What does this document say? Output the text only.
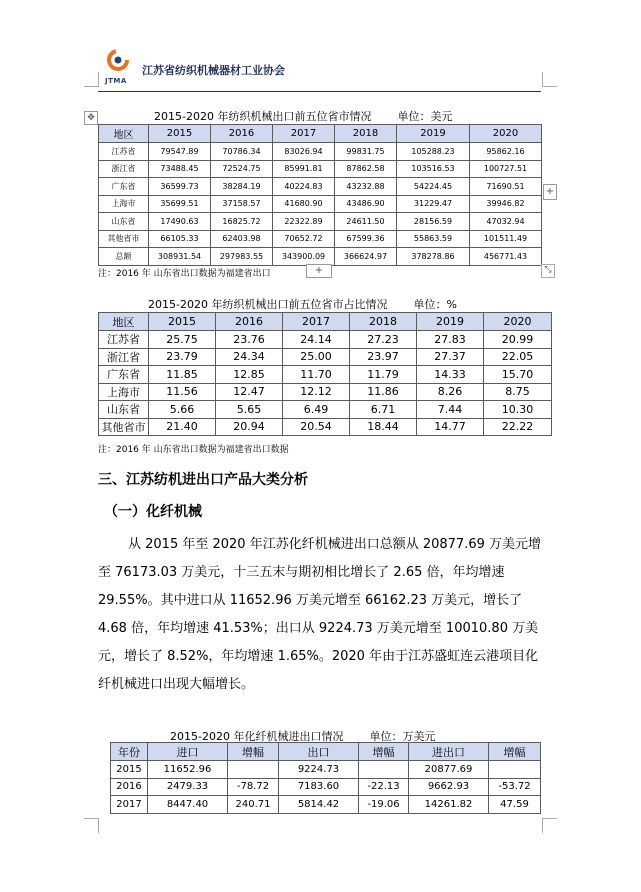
JTMA
江苏省纺织机械器材工业协会
✥	2015-2020 年纺织机械出口前五位省市情况 单位：美元
地区	2015	2016	2017	2018	2019	2020
江苏省	79547.89	70786.34	83026.94	99831.75	105288.23	95862.16
浙江省	73488.45	72524.75	85991.81	87862.58	103516.53	100727.51
广东省	36599.73	38284.19	40224.83	43232.88	54224.45	71690.51
上海市	35699.51	37158.57	41680.90	43486.90	31229.47	39946.82
山东省	17490.63	16825.72	22322.89	24611.50	28156.59	47032.94
其他省市	66105.33	62403.98	70652.72	67599.36	55863.59	101511.49
总额	308931.54	297983.55	343900.09	366624.97	378278.86	456771.43
+
注：2016 年 山东省出口数据为福建省出口	+	⤡
2015-2020 年纺织机械出口前五位省市占比情况 单位：%
地区	2015	2016	2017	2018	2019	2020
江苏省	25.75	23.76	24.14	27.23	27.83	20.99
浙江省	23.79	24.34	25.00	23.97	27.37	22.05
广东省	11.85	12.85	11.70	11.79	14.33	15.70
上海市	11.56	12.47	12.12	11.86	8.26	8.75
山东省	5.66	5.65	6.49	6.71	7.44	10.30
其他省市	21.40	20.94	20.54	18.44	14.77	22.22
注：2016 年 山东省出口数据为福建省出口数据
三、江苏纺机进出口产品大类分析
（一）化纤机械

从 2015 年至 2020 年江苏化纤机械进出口总额从 20877.69 万美元增至 76173.03 万美元，十三五末与期初相比增长了 2.65 倍，年均增速 29.55%。其中进口从 11652.96 万美元增至 66162.23 万美元，增长了 4.68 倍，年均增速 41.53%；出口从 9224.73 万美元增至 10010.80 万美元，增长了 8.52%，年均增速 1.65%。2020 年由于江苏盛虹连云港项目化纤机械进口出现大幅增长。

2015-2020 年化纤机械进出口情况 单位：万美元
年份	进口	增幅	出口	增幅	进出口	增幅
2015	11652.96		9224.73		20877.69	
2016	2479.33	-78.72	7183.60	-22.13	9662.93	-53.72
2017	8447.40	240.71	5814.42	-19.06	14261.82	47.59
